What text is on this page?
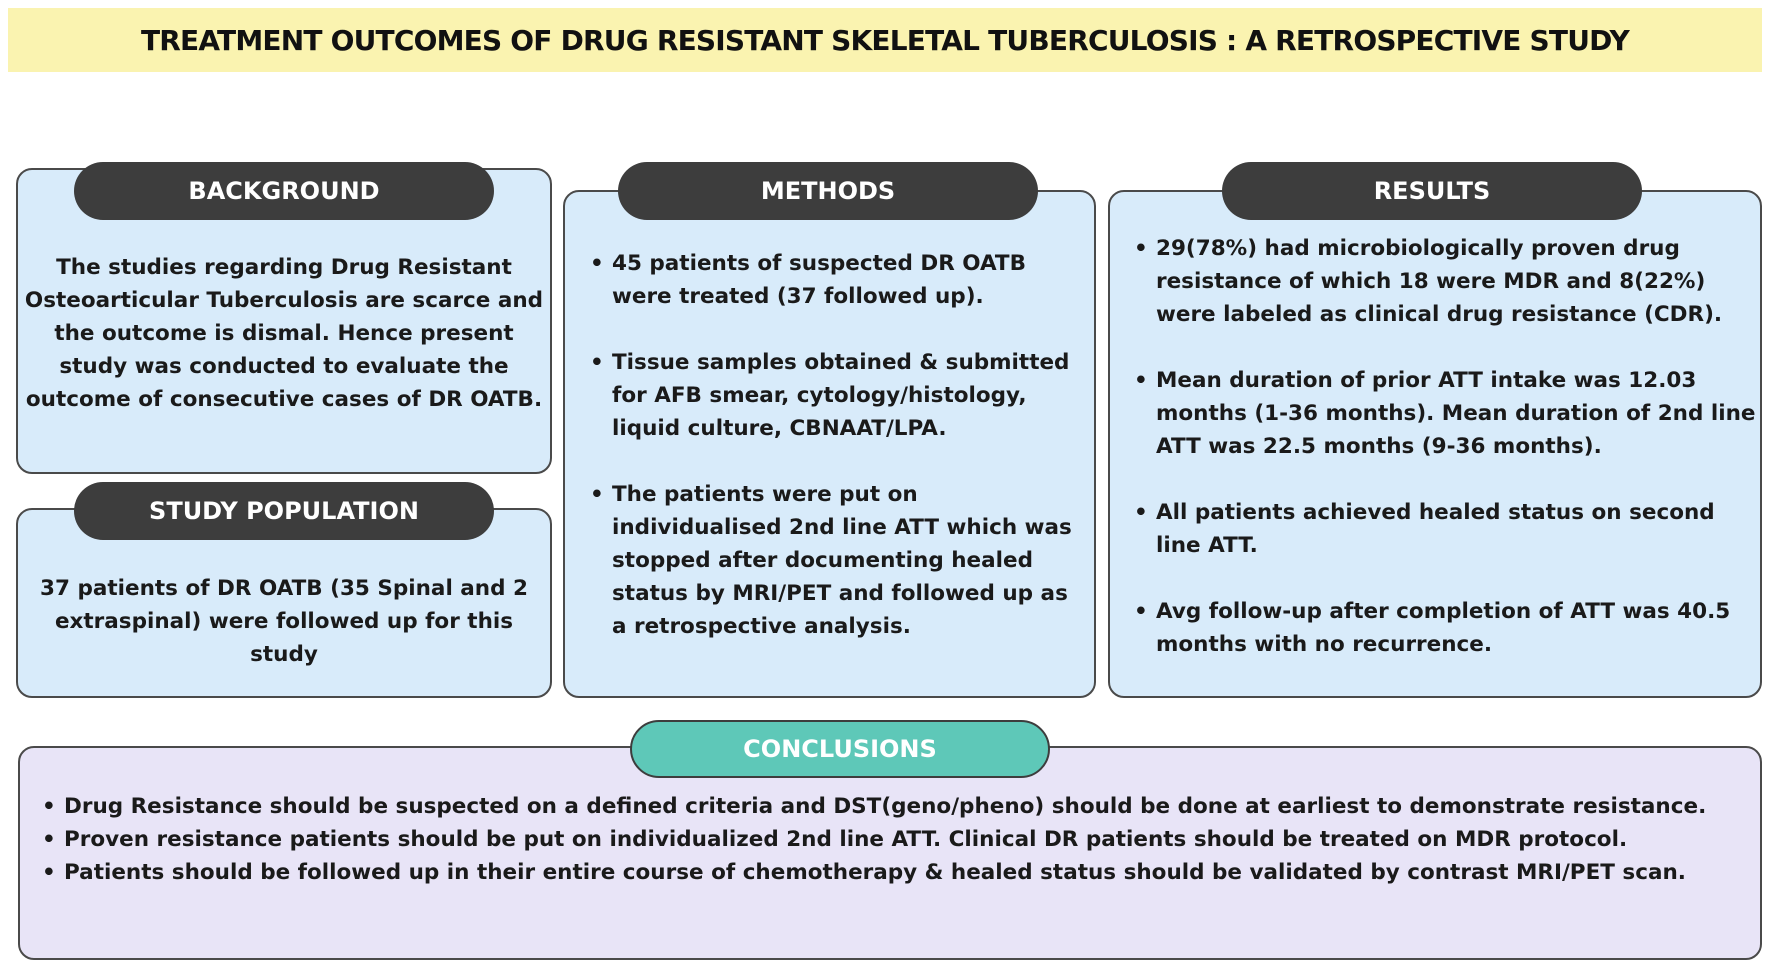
TREATMENT OUTCOMES OF DRUG RESISTANT SKELETAL TUBERCULOSIS : A RETROSPECTIVE STUDY
BACKGROUND
The studies regarding Drug Resistant Osteoarticular Tuberculosis are scarce and the outcome is dismal. Hence present study was conducted to evaluate the outcome of consecutive cases of DR OATB.
STUDY POPULATION
37 patients of DR OATB (35 Spinal and 2 extraspinal) were followed up for this study
METHODS
• 45 patients of suspected DR OATB were treated (37 followed up).
• Tissue samples obtained & submitted for AFB smear, cytology/histology, liquid culture, CBNAAT/LPA.
• The patients were put on individualised 2nd line ATT which was stopped after documenting healed status by MRI/PET and followed up as a retrospective analysis.
RESULTS
• 29(78%) had microbiologically proven drug resistance of which 18 were MDR and 8(22%) were labeled as clinical drug resistance (CDR).
• Mean duration of prior ATT intake was 12.03 months (1-36 months). Mean duration of 2nd line ATT was 22.5 months (9-36 months).
• All patients achieved healed status on second line ATT.
• Avg follow-up after completion of ATT was 40.5 months with no recurrence.
CONCLUSIONS
• Drug Resistance should be suspected on a defined criteria and DST(geno/pheno) should be done at earliest to demonstrate resistance.
• Proven resistance patients should be put on individualized 2nd line ATT. Clinical DR patients should be treated on MDR protocol.
• Patients should be followed up in their entire course of chemotherapy & healed status should be validated by contrast MRI/PET scan.
